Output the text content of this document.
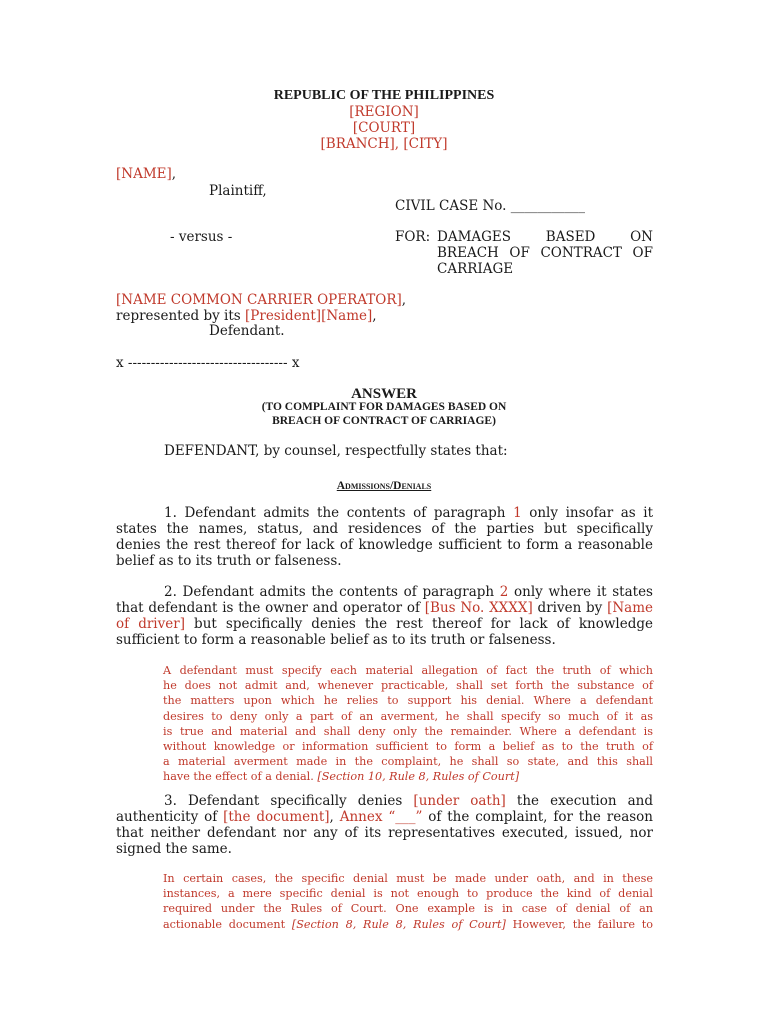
REPUBLIC OF THE PHILIPPINES
[REGION]
[COURT]
[BRANCH], [CITY]
[NAME],
Plaintiff,
CIVIL CASE No. ___________
- versus -	FOR: DAMAGES BASED ON
BREACH OF CONTRACT OF
CARRIAGE
[NAME COMMON CARRIER OPERATOR],
represented by its [President][Name],
Defendant.
x ----------------------------------- x
ANSWER
(TO COMPLAINT FOR DAMAGES BASED ON
BREACH OF CONTRACT OF CARRIAGE)
DEFENDANT, by counsel, respectfully states that:
Admissions/Denials
1. Defendant admits the contents of paragraph 1 only insofar as it
states the names, status, and residences of the parties but specifically
denies the rest thereof for lack of knowledge sufficient to form a reasonable
belief as to its truth or falseness.
2. Defendant admits the contents of paragraph 2 only where it states
that defendant is the owner and operator of [Bus No. XXXX] driven by [Name
of driver] but specifically denies the rest thereof for lack of knowledge
sufficient to form a reasonable belief as to its truth or falseness.
A defendant must specify each material allegation of fact the truth of which
he does not admit and, whenever practicable, shall set forth the substance of
the matters upon which he relies to support his denial. Where a defendant
desires to deny only a part of an averment, he shall specify so much of it as
is true and material and shall deny only the remainder. Where a defendant is
without knowledge or information sufficient to form a belief as to the truth of
a material averment made in the complaint, he shall so state, and this shall
have the effect of a denial. [Section 10, Rule 8, Rules of Court]
3. Defendant specifically denies [under oath] the execution and
authenticity of [the document], Annex “___” of the complaint, for the reason
that neither defendant nor any of its representatives executed, issued, nor
signed the same.
In certain cases, the specific denial must be made under oath, and in these
instances, a mere specific denial is not enough to produce the kind of denial
required under the Rules of Court. One example is in case of denial of an
actionable document [Section 8, Rule 8, Rules of Court] However, the failure to
